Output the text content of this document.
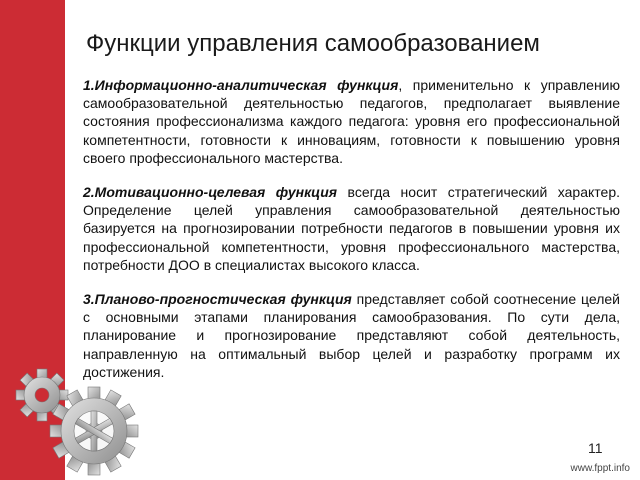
Функции управления самообразованием

1.Информационно-аналитическая функция, применительно к управлению самообразовательной деятельностью педагогов, предполагает выявление состояния профессионализма каждого педагога: уровня его профессиональной компетентности, готовности к инновациям, готовности к повышению уровня своего профессионального мастерства.

2.Мотивационно-целевая функция всегда носит стратегический характер. Определение целей управления самообразовательной деятельностью базируется на прогнозировании потребности педагогов в повышении уровня их профессиональной компетентности, уровня профессионального мастерства, потребности ДОО в специалистах высокого класса.

3.Планово-прогностическая функция представляет собой соотнесение целей с основными этапами планирования самообразования. По сути дела, планирование и прогнозирование представляют собой деятельность, направленную на оптимальный выбор целей и разработку программ их достижения.

11
www.fppt.info
